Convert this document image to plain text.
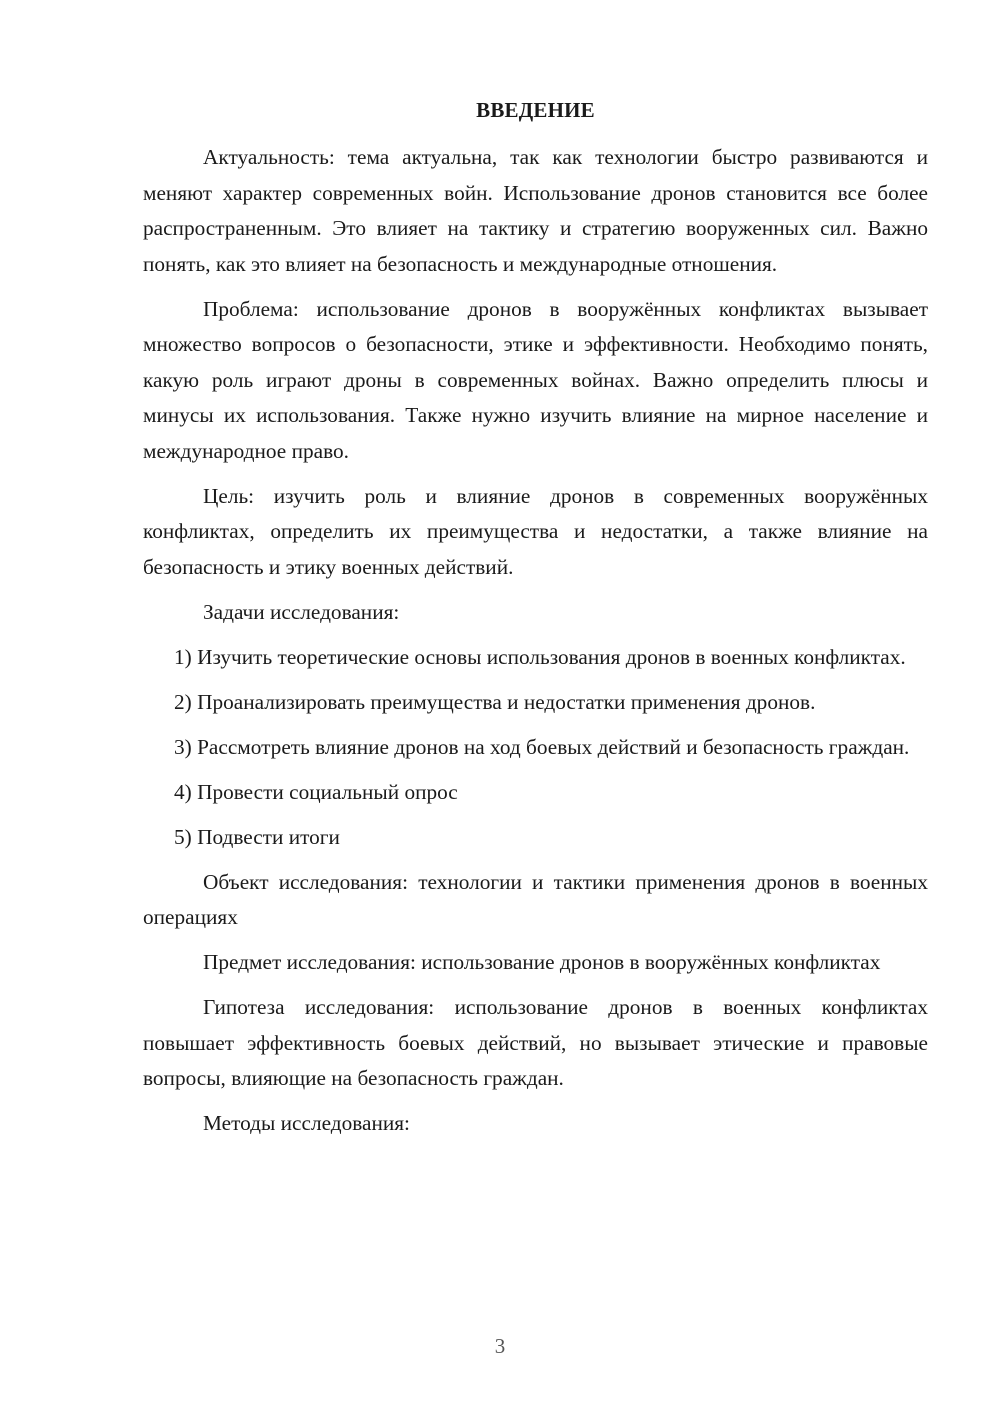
ВВЕДЕНИЕ

Актуальность: тема актуальна, так как технологии быстро развиваются и меняют характер современных войн. Использование дронов становится все более распространенным. Это влияет на тактику и стратегию вооруженных сил. Важно понять, как это влияет на безопасность и международные отношения.

Проблема: использование дронов в вооружённых конфликтах вызывает множество вопросов о безопасности, этике и эффективности. Необходимо понять, какую роль играют дроны в современных войнах. Важно определить плюсы и минусы их использования. Также нужно изучить влияние на мирное население и международное право.

Цель: изучить роль и влияние дронов в современных вооружённых конфликтах, определить их преимущества и недостатки, а также влияние на безопасность и этику военных действий.

Задачи исследования:

1) Изучить теоретические основы использования дронов в военных конфликтах.

2) Проанализировать преимущества и недостатки применения дронов.

3) Рассмотреть влияние дронов на ход боевых действий и безопасность граждан.

4) Провести социальный опрос

5) Подвести итоги

Объект исследования: технологии и тактики применения дронов в военных операциях

Предмет исследования: использование дронов в вооружённых конфликтах

Гипотеза исследования: использование дронов в военных конфликтах повышает эффективность боевых действий, но вызывает этические и правовые вопросы, влияющие на безопасность граждан.

Методы исследования:

3
